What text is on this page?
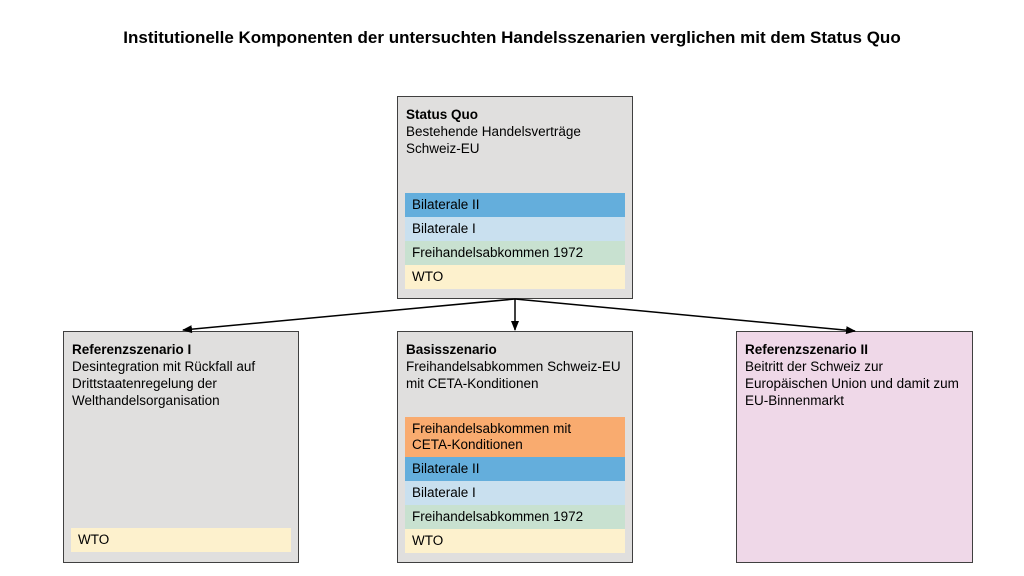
Institutionelle Komponenten der untersuchten Handelsszenarien verglichen mit dem Status Quo
Status Quo
Bestehende Handelsverträge Schweiz-EU
Bilaterale II
Bilaterale I
Freihandelsabkommen 1972
WTO
Referenzszenario I
Desintegration mit Rückfall auf Drittstaatenregelung der Welthandelsorganisation
WTO
Basisszenario
Freihandelsabkommen Schweiz-EU mit CETA-Konditionen
Freihandelsabkommen mit CETA-Konditionen
Bilaterale II
Bilaterale I
Freihandelsabkommen 1972
WTO
Referenzszenario II
Beitritt der Schweiz zur Europäischen Union und damit zum EU-Binnenmarkt
